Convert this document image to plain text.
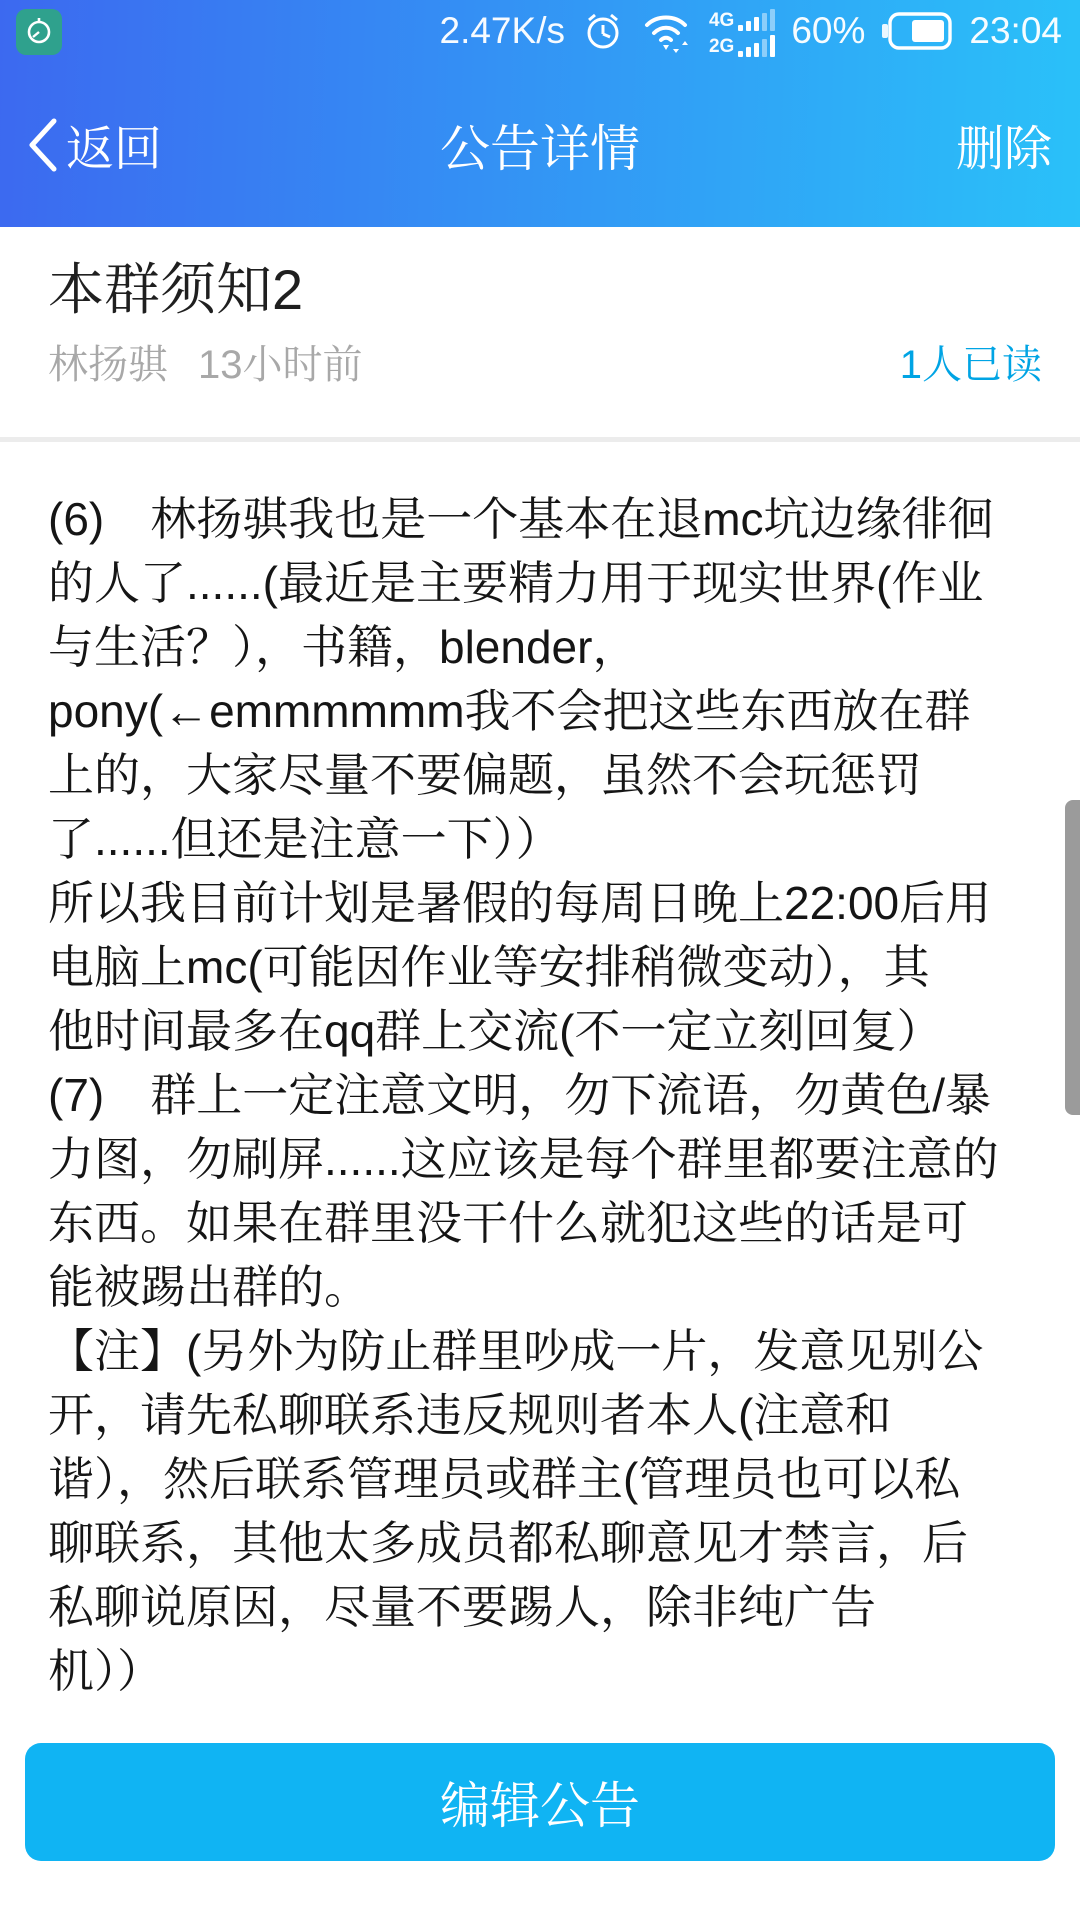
2.47K/s	4G
2G 60%	23:04
返回	公告详情	删除
本群须知2
林扬骐 13小时前	1人已读
(6)　林扬骐我也是一个基本在退mc坑边缘徘徊
的人了......(最近是主要精力用于现实世界(作业
与生活？），书籍，blender，
pony(←emmmmmm我不会把这些东西放在群
上的，大家尽量不要偏题，虽然不会玩惩罚
了......但还是注意一下））
所以我目前计划是暑假的每周日晚上22:00后用
电脑上mc(可能因作业等安排稍微变动），其
他时间最多在qq群上交流(不一定立刻回复）
(7)　群上一定注意文明，勿下流语，勿黄色/暴
力图，勿刷屏......这应该是每个群里都要注意的
东西。如果在群里没干什么就犯这些的话是可
能被踢出群的。
【注】(另外为防止群里吵成一片，发意见别公
开，请先私聊联系违反规则者本人(注意和
谐），然后联系管理员或群主(管理员也可以私
聊联系，其他太多成员都私聊意见才禁言，后
私聊说原因，尽量不要踢人，除非纯广告
机））
编辑公告
